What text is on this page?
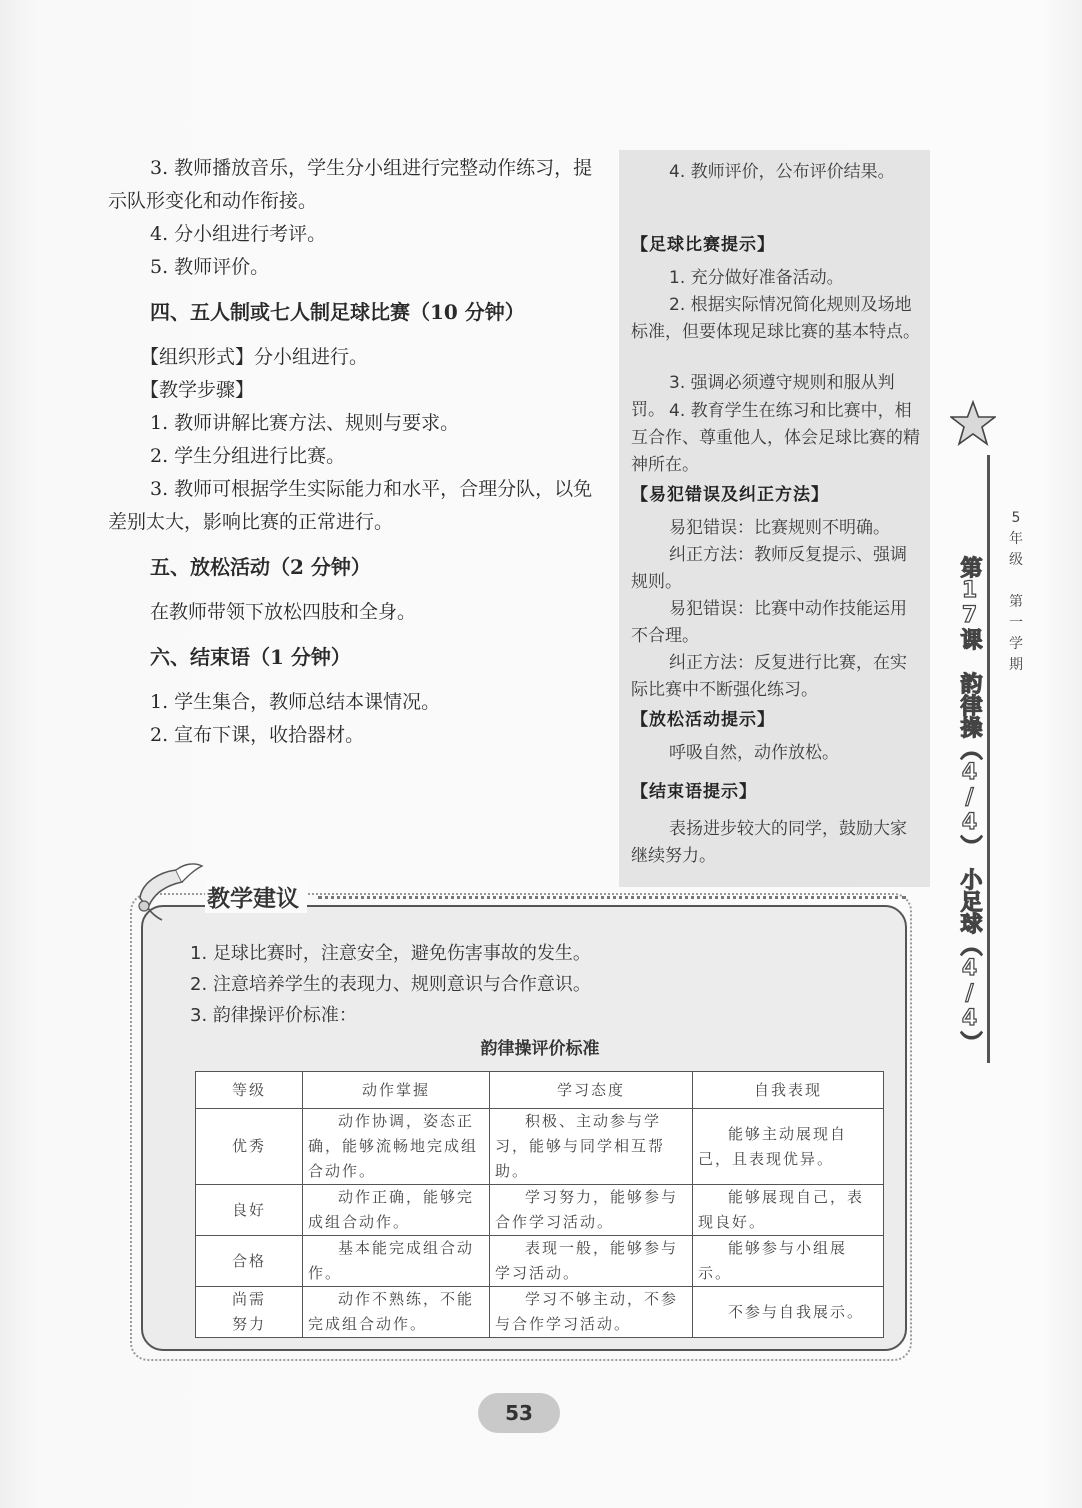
3. 教师播放音乐，学生分小组进行完整动作练习，提示队形变化和动作衔接。

4. 分小组进行考评。

5. 教师评价。

四、五人制或七人制足球比赛（10 分钟）

【组织形式】分小组进行。

【教学步骤】

1. 教师讲解比赛方法、规则与要求。

2. 学生分组进行比赛。

3. 教师可根据学生实际能力和水平，合理分队，以免差别太大，影响比赛的正常进行。

五、放松活动（2 分钟）

在教师带领下放松四肢和全身。

六、结束语（1 分钟）

1. 学生集合，教师总结本课情况。

2. 宣布下课，收拾器材。

4. 教师评价，公布评价结果。
【足球比赛提示】
1. 充分做好准备活动。
2. 根据实际情况简化规则及场地标准，但要体现足球比赛的基本特点。
3. 强调必须遵守规则和服从判罚。 4. 教育学生在练习和比赛中，相互合作、尊重他人，体会足球比赛的精神所在。
【易犯错误及纠正方法】
易犯错误：比赛规则不明确。
纠正方法：教师反复提示、强调规则。
易犯错误：比赛中动作技能运用不合理。
纠正方法：反复进行比赛，在实际比赛中不断强化练习。
【放松活动提示】
呼吸自然，动作放松。
【结束语提示】
表扬进步较大的同学，鼓励大家继续努力。
5年级

第一学期
第17课　韵律操（4/4）　小足球（4/4）
教学建议

1. 足球比赛时，注意安全，避免伤害事故的发生。

2. 注意培养学生的表现力、规则意识与合作意识。

3. 韵律操评价标准：

韵律操评价标准
等级	动作掌握	学习态度	自我表现
优秀	动作协调，姿态正确，能够流畅地完成组合动作。	积极、主动参与学习，能够与同学相互帮助。	能够主动展现自己，且表现优异。
良好	动作正确，能够完成组合动作。	学习努力，能够参与合作学习活动。	能够展现自己，表现良好。
合格	基本能完成组合动作。	表现一般，能够参与学习活动。	能够参与小组展示。
尚需努力	动作不熟练，不能完成组合动作。	学习不够主动，不参与合作学习活动。	不参与自我展示。
53
